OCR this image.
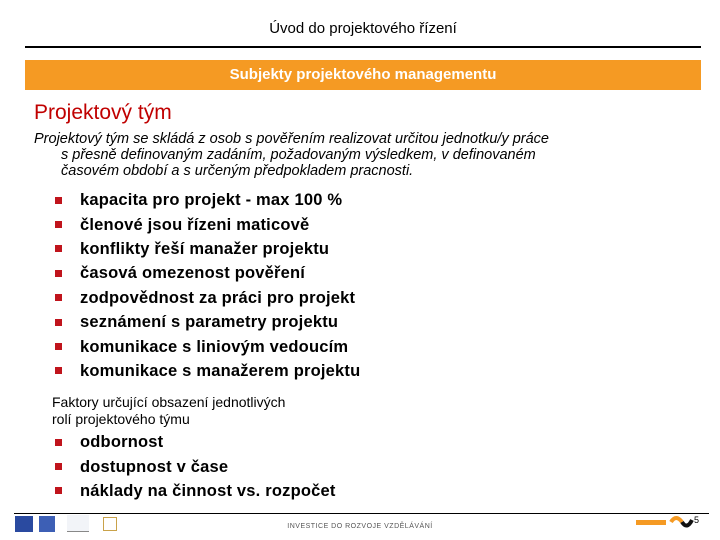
Úvod do projektového řízení
Subjekty projektového managementu
Projektový tým
Projektový tým se skládá z osob s pověřením realizovat určitou jednotku/y práce
s přesně definovaným zadáním, požadovaným výsledkem, v definovaném
časovém období a s určeným předpokladem pracnosti.
kapacita pro projekt - max 100 %
členové jsou řízeni maticově
konflikty řeší manažer projektu
časová omezenost pověření
zodpovědnost za práci pro projekt
seznámení s parametry projektu
komunikace s liniovým vedoucím
komunikace s manažerem projektu
Faktory určující obsazení jednotlivých
rolí projektového týmu
odbornost
dostupnost v čase
náklady na činnost vs. rozpočet
INVESTICE DO ROZVOJE VZDĚLÁVÁNÍ
5
